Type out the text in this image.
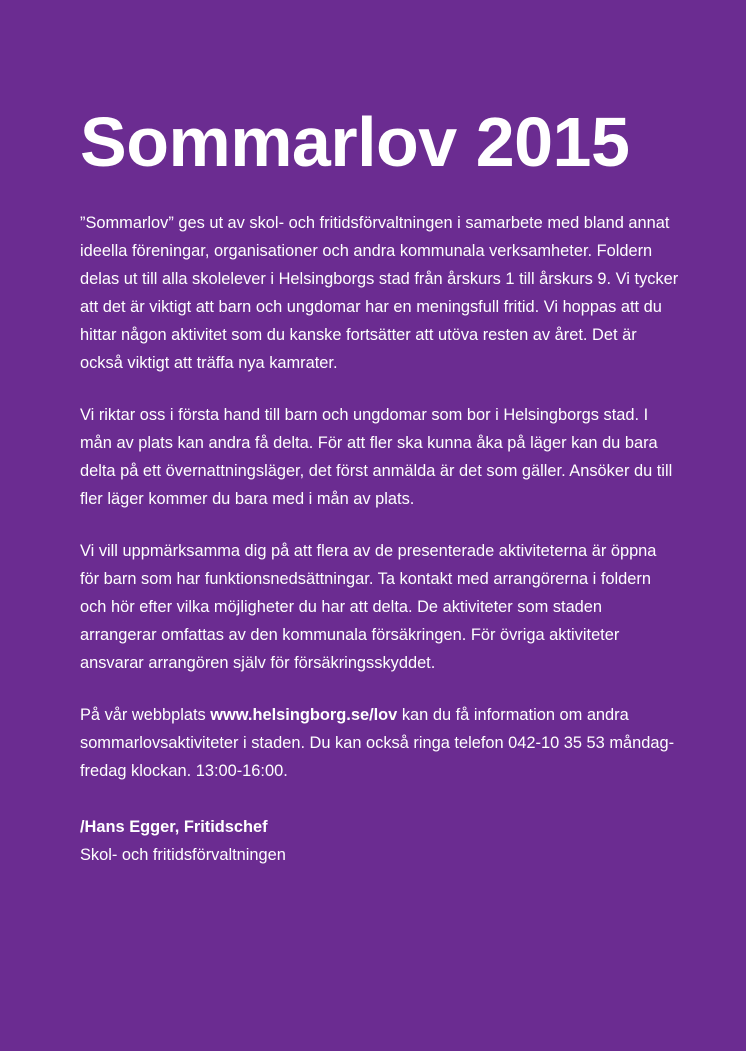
Sommarlov 2015

”Sommarlov” ges ut av skol- och fritidsförvaltningen i samarbete med bland annat ideella föreningar, organisationer och andra kommunala verksamheter. Foldern delas ut till alla skolelever i Helsingborgs stad från årskurs 1 till årskurs 9. Vi tycker att det är viktigt att barn och ungdomar har en meningsfull fritid. Vi hoppas att du hittar någon aktivitet som du kanske fortsätter att utöva resten av året. Det är också viktigt att träffa nya kamrater.

Vi riktar oss i första hand till barn och ungdomar som bor i Helsingborgs stad. I mån av plats kan andra få delta. För att fler ska kunna åka på läger kan du bara delta på ett övernattningsläger, det först anmälda är det som gäller. Ansöker du till fler läger kommer du bara med i mån av plats.

Vi vill uppmärksamma dig på att flera av de presenterade aktiviteterna är öppna för barn som har funktionsnedsättningar. Ta kontakt med arrangörerna i foldern och hör efter vilka möjligheter du har att delta. De aktiviteter som staden arrangerar omfattas av den kommunala försäkringen. För övriga aktiviteter ansvarar arrangören själv för försäkringsskyddet.

På vår webbplats www.helsingborg.se/lov kan du få information om andra sommarlovsaktiviteter i staden. Du kan också ringa telefon 042-10 35 53 måndag-fredag klockan. 13:00-16:00.

/Hans Egger, Fritidschef
Skol- och fritidsförvaltningen
